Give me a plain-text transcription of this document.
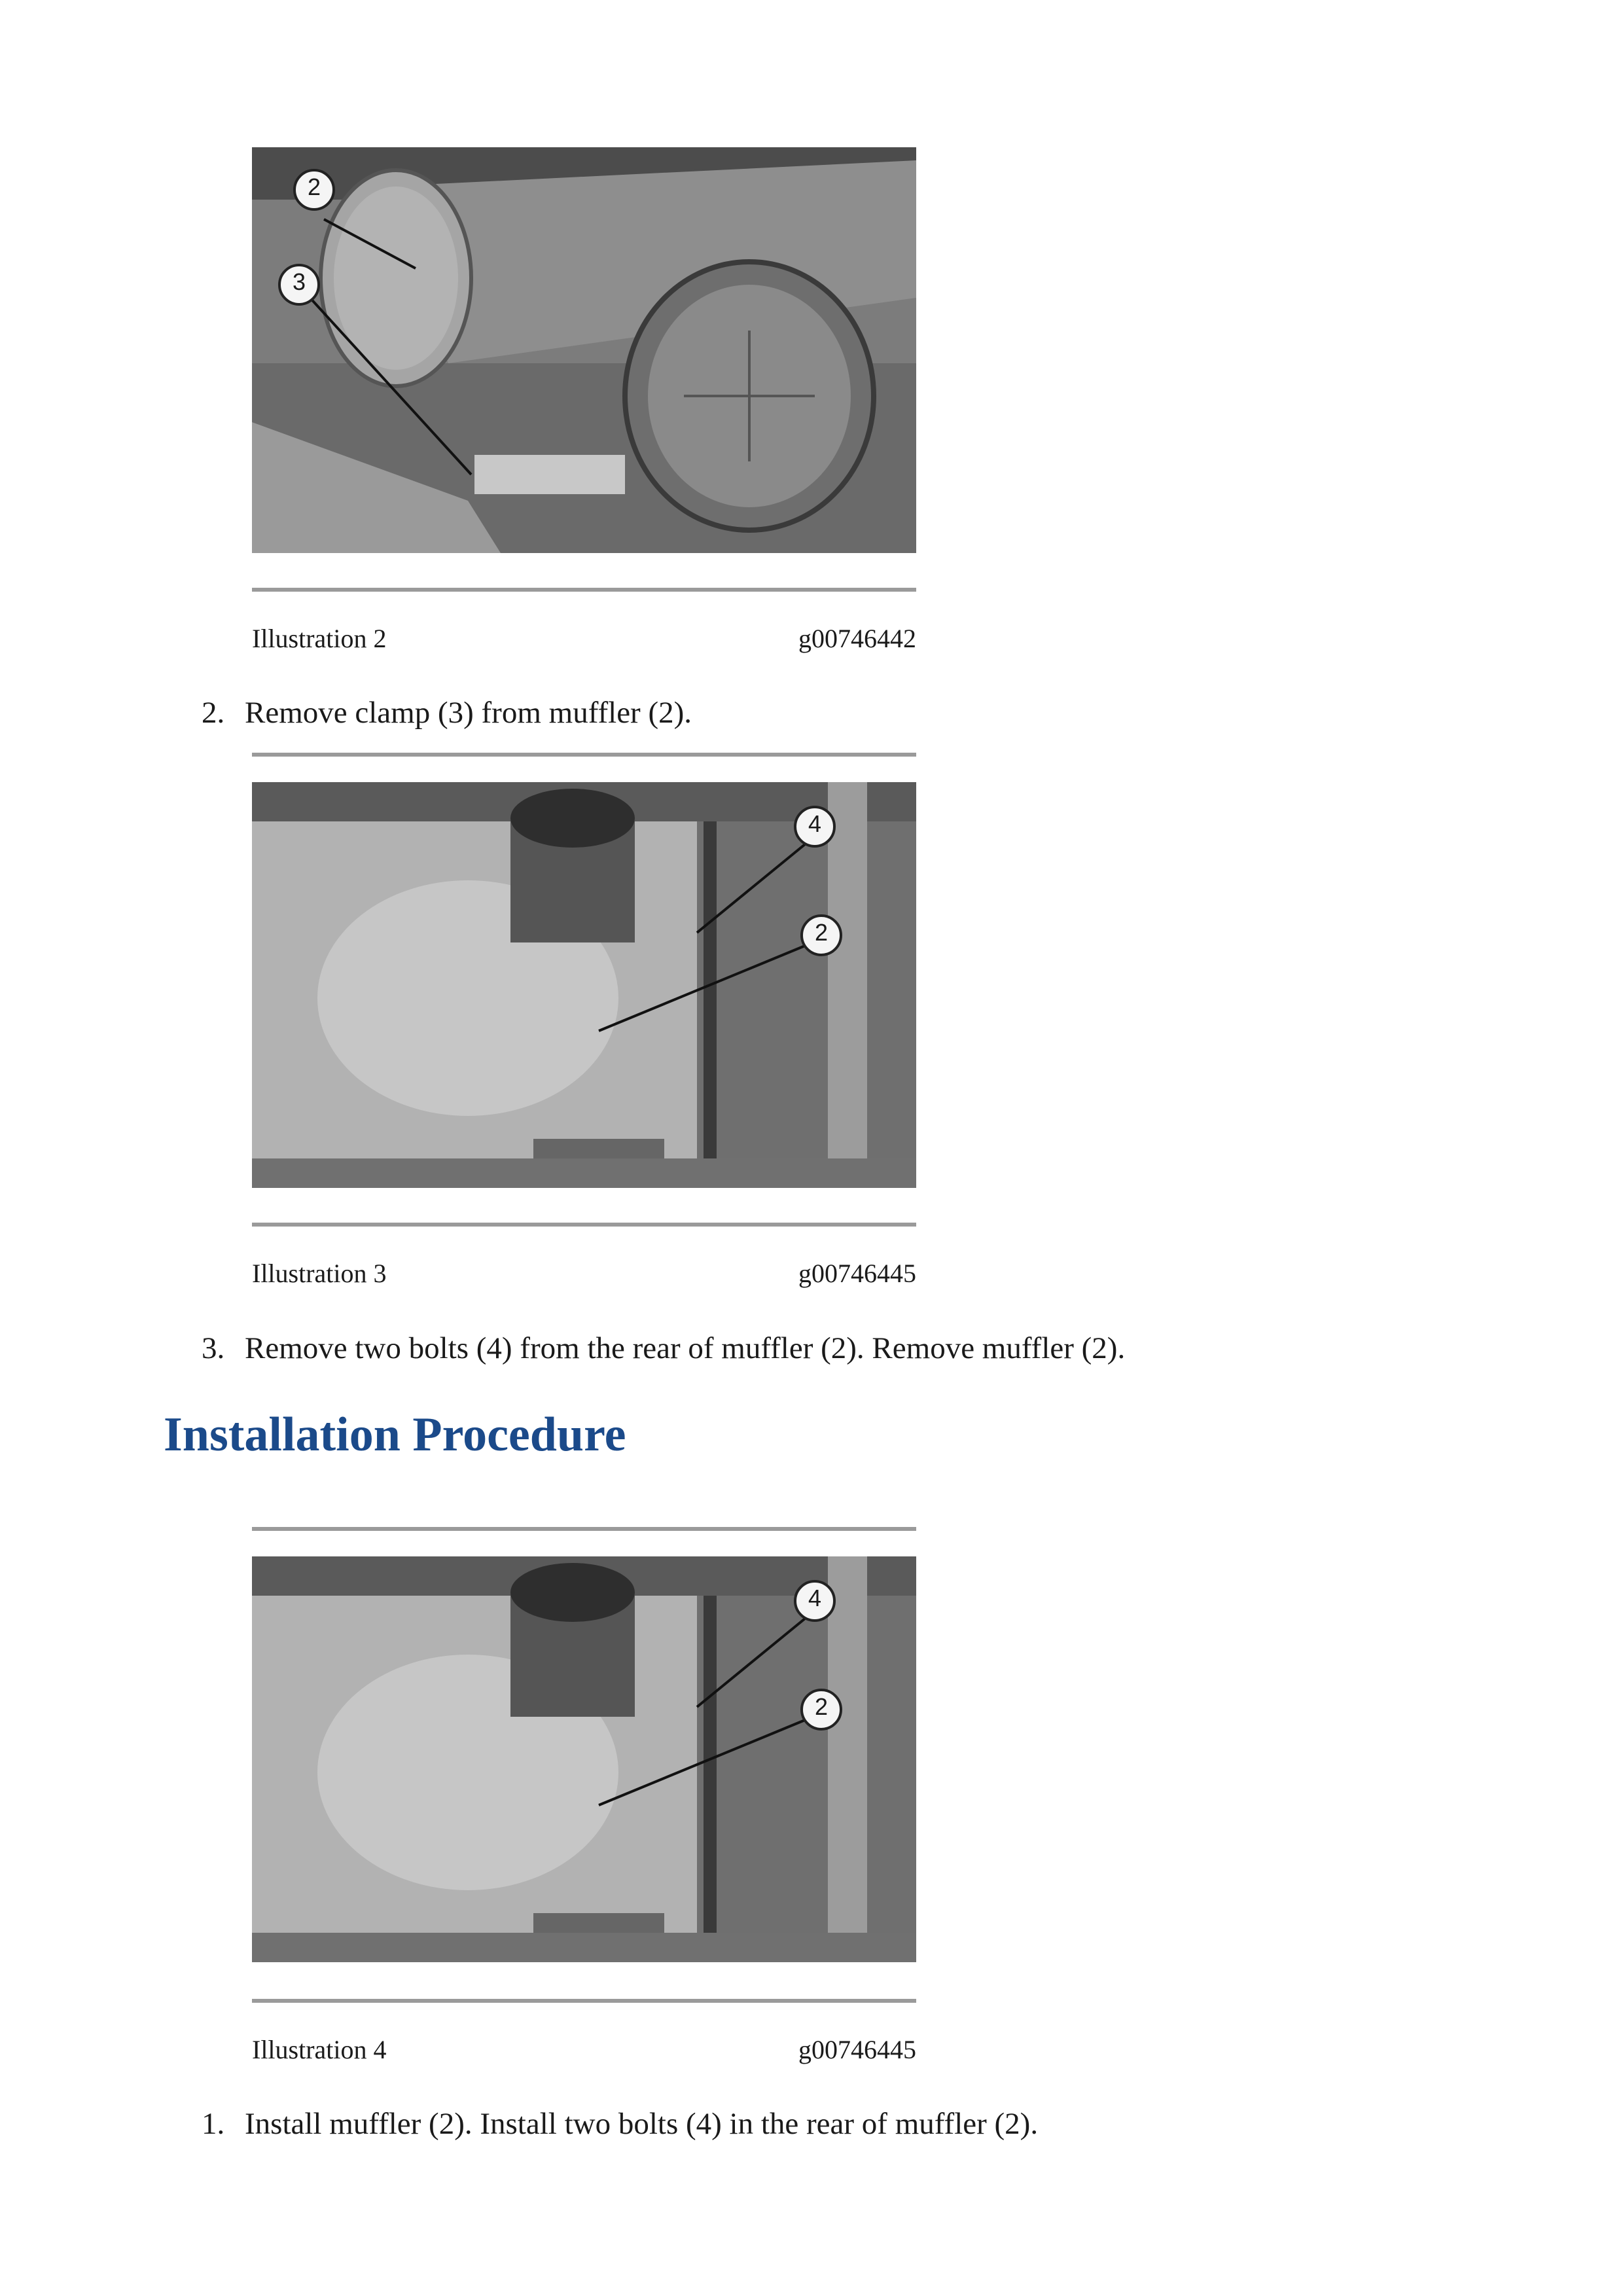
2
3
Illustration 2	g00746442
2. Remove clamp (3) from muffler (2).
4
2
Illustration 3	g00746445
3. Remove two bolts (4) from the rear of muffler (2). Remove muffler (2).
Installation Procedure
4
2
Illustration 4	g00746445
1. Install muffler (2). Install two bolts (4) in the rear of muffler (2).
